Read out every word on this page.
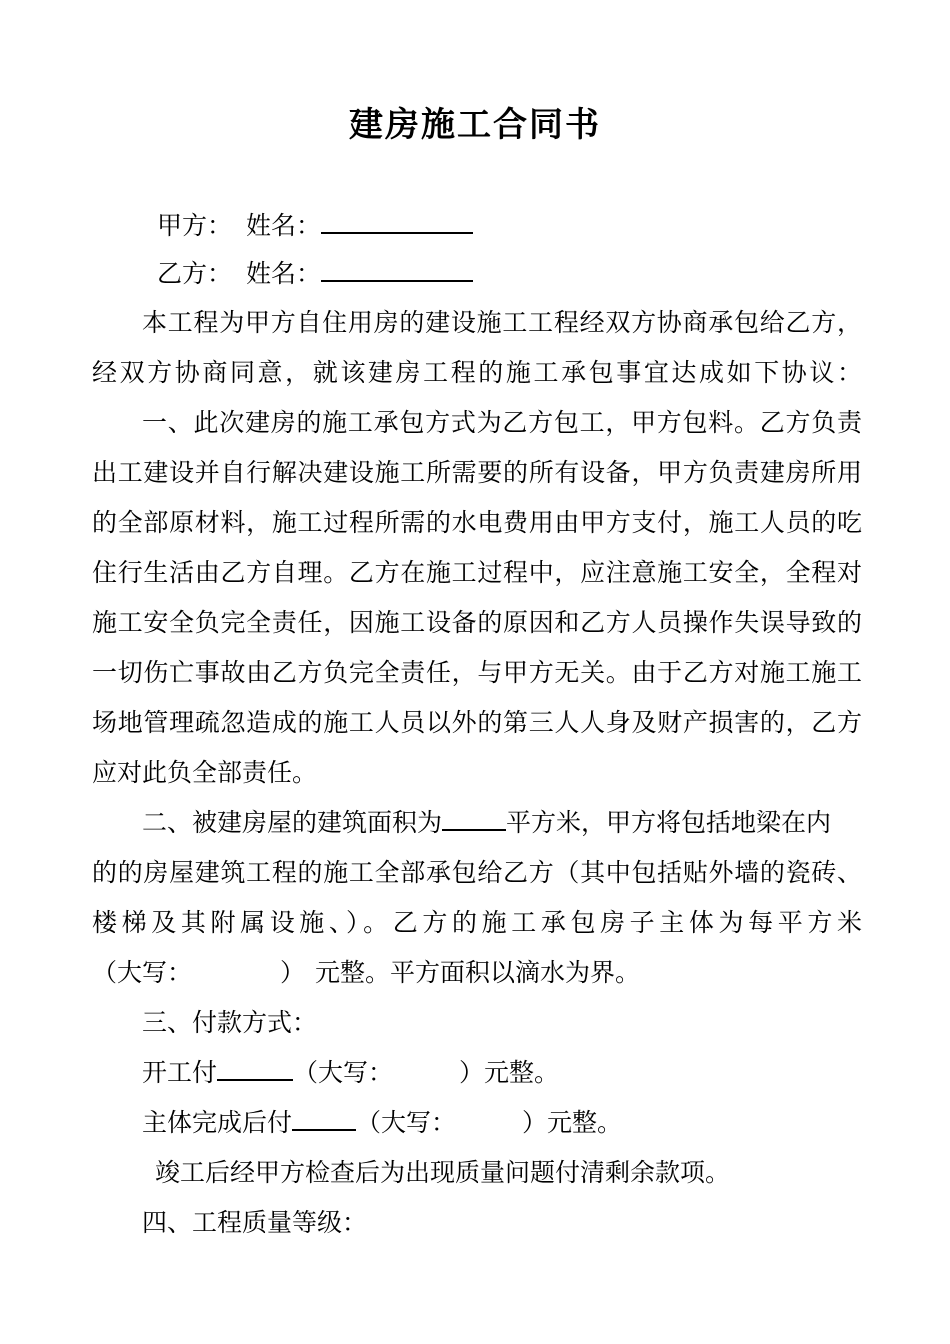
建房施工合同书
甲方： 姓名：
乙方： 姓名：
本工程为甲方自住用房的建设施工工程经双方协商承包给乙方，
经双方协商同意，就该建房工程的施工承包事宜达成如下协议：
一、此次建房的施工承包方式为乙方包工，甲方包料。乙方负责
出工建设并自行解决建设施工所需要的所有设备，甲方负责建房所用
的全部原材料，施工过程所需的水电费用由甲方支付，施工人员的吃
住行生活由乙方自理。乙方在施工过程中，应注意施工安全，全程对
施工安全负完全责任，因施工设备的原因和乙方人员操作失误导致的
一切伤亡事故由乙方负完全责任，与甲方无关。由于乙方对施工施工
场地管理疏忽造成的施工人员以外的第三人人身及财产损害的，乙方
应对此负全部责任。
二、被建房屋的建筑面积为	平方米，甲方将包括地梁在内
的的房屋建筑工程的施工全部承包给乙方（其中包括贴外墙的瓷砖、
楼梯及其附属设施、）。乙方的施工承包房子主体为每平方米
（大写：	） 元整。平方面积以滴水为界。
三、付款方式：
开工付	（大写：	）元整。
主体完成后付	（大写：	）元整。
竣工后经甲方检查后为出现质量问题付清剩余款项。
四、工程质量等级：
